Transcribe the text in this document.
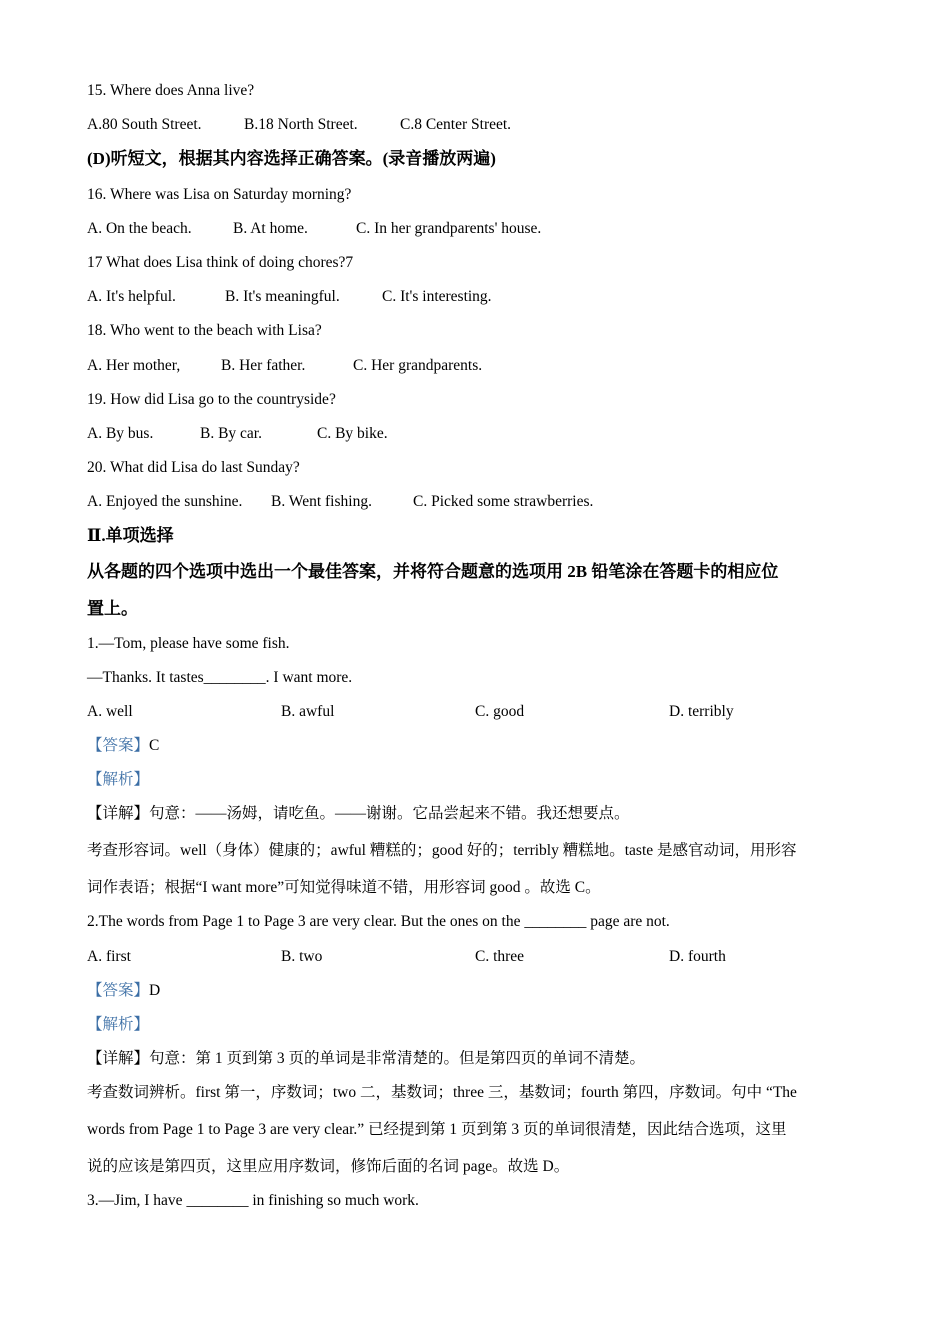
15. Where does Anna live?
A.80 South Street.	B.18 North Street.	C.8 Center Street.
(D)听短文，根据其内容选择正确答案。(录音播放两遍)
16. Where was Lisa on Saturday morning?
A. On the beach.	B. At home.	C. In her grandparents' house.
17 What does Lisa think of doing chores?7
A. It's helpful.	B. It's meaningful.	C. It's interesting.
18. Who went to the beach with Lisa?
A. Her mother,	B. Her father.	C. Her grandparents.
19. How did Lisa go to the countryside?
A. By bus.	B. By car.	C. By bike.
20. What did Lisa do last Sunday?
A. Enjoyed the sunshine. B. Went fishing.	C. Picked some strawberries.
Ⅱ.单项选择
从各题的四个选项中选出一个最佳答案，并将符合题意的选项用 2B 铅笔涂在答题卡的相应位
置上。
1.—Tom, please have some fish.
—Thanks. It tastes________. I want more.
A. well	B. awful	C. good	D. terribly
【答案】C
【解析】
【详解】句意：——汤姆，请吃鱼。——谢谢。它品尝起来不错。我还想要点。
考查形容词。well（身体）健康的；awful 糟糕的；good 好的；terribly 糟糕地。taste 是感官动词，用形容
词作表语；根据“I want more”可知觉得味道不错，用形容词 good 。故选 C。
2.The words from Page 1 to Page 3 are very clear. But the ones on the ________ page are not.
A. first	B. two	C. three	D. fourth
【答案】D
【解析】
【详解】句意：第 1 页到第 3 页的单词是非常清楚的。但是第四页的单词不清楚。
考查数词辨析。first 第一，序数词；two 二，基数词；three 三，基数词；fourth 第四，序数词。句中 “The
words from Page 1 to Page 3 are very clear.” 已经提到第 1 页到第 3 页的单词很清楚，因此结合选项，这里
说的应该是第四页，这里应用序数词，修饰后面的名词 page。故选 D。
3.—Jim, I have ________ in finishing so much work.
